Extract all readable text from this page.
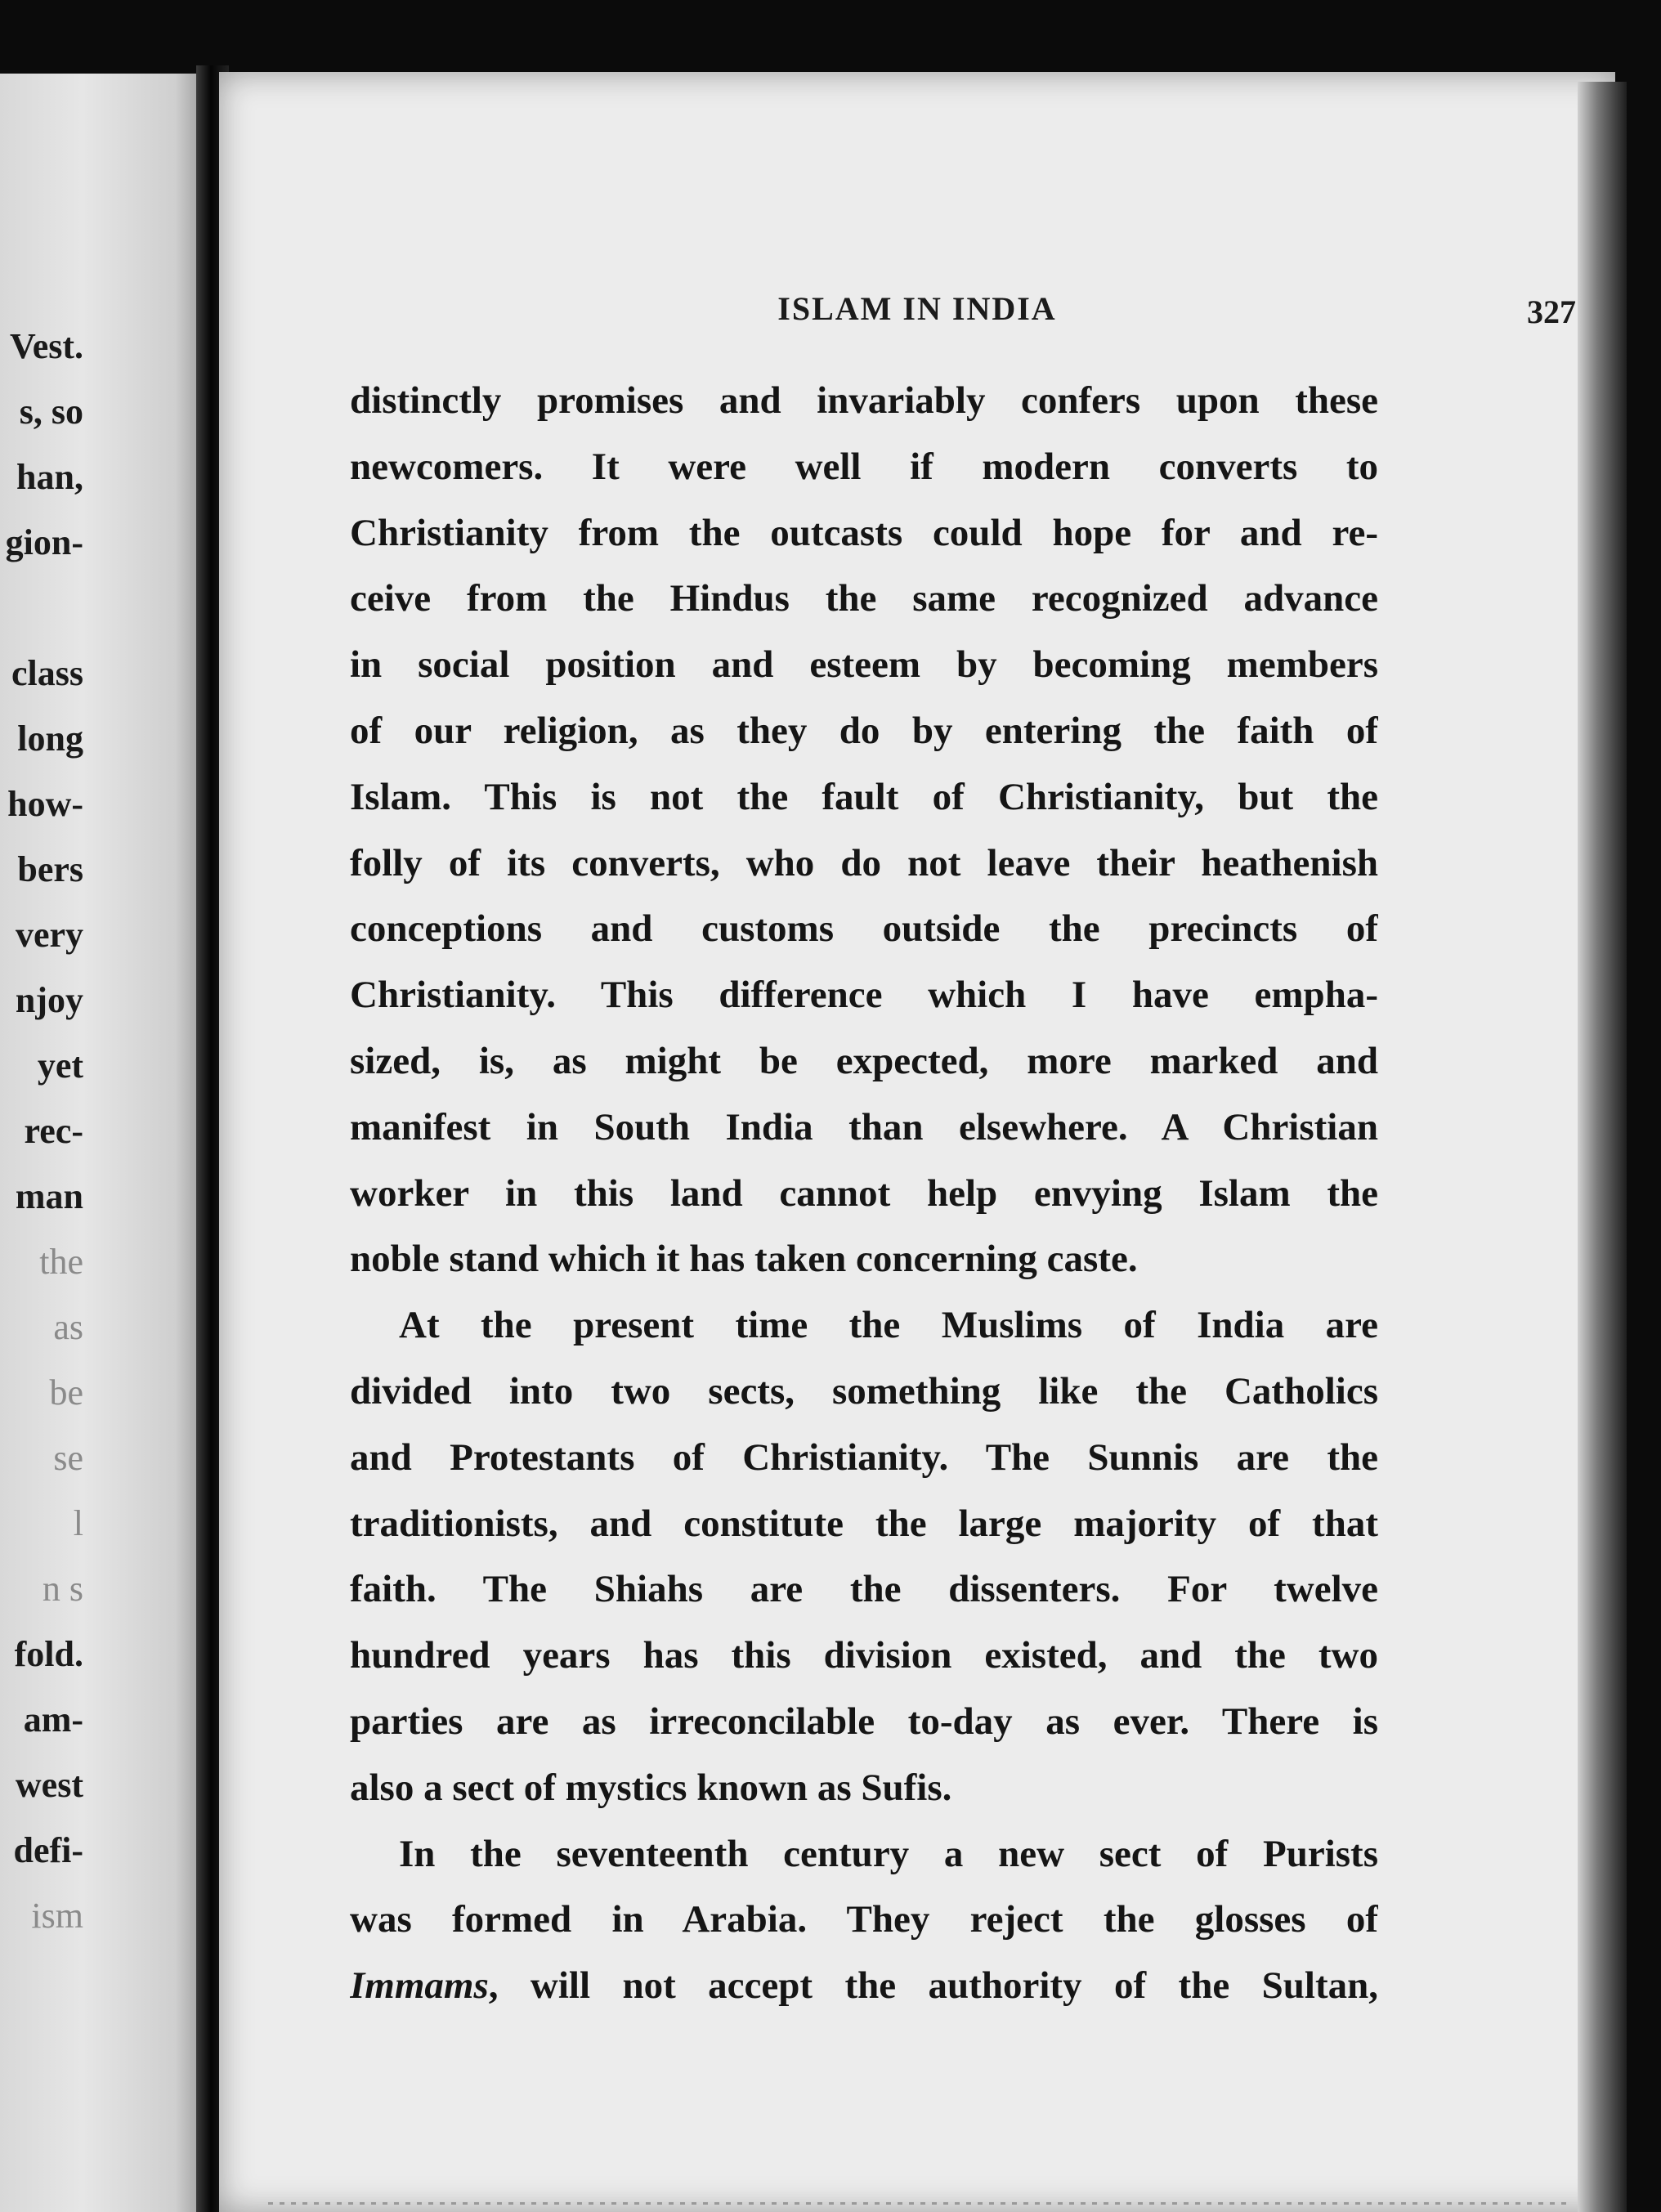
Vest.
s, so
han,
gion-
class
long
how-
bers
very
njoy
yet
rec-
man
the
as
be
se
l
n s
fold.
am-
west
defi-
ism
ISLAM IN INDIA	327
distinctly promises and invariably confers upon these
newcomers. It were well if modern converts to
Christianity from the outcasts could hope for and re-
ceive from the Hindus the same recognized advance
in social position and esteem by becoming members
of our religion, as they do by entering the faith of
Islam. This is not the fault of Christianity, but the
folly of its converts, who do not leave their heathenish
conceptions and customs outside the precincts of
Christianity. This difference which I have empha-
sized, is, as might be expected, more marked and
manifest in South India than elsewhere. A Christian
worker in this land cannot help envying Islam the
noble stand which it has taken concerning caste.
At the present time the Muslims of India are
divided into two sects, something like the Catholics
and Protestants of Christianity. The Sunnis are the
traditionists, and constitute the large majority of that
faith. The Shiahs are the dissenters. For twelve
hundred years has this division existed, and the two
parties are as irreconcilable to-day as ever. There is
also a sect of mystics known as Sufis.
In the seventeenth century a new sect of Purists
was formed in Arabia. They reject the glosses of
Immams, will not accept the authority of the Sultan,
